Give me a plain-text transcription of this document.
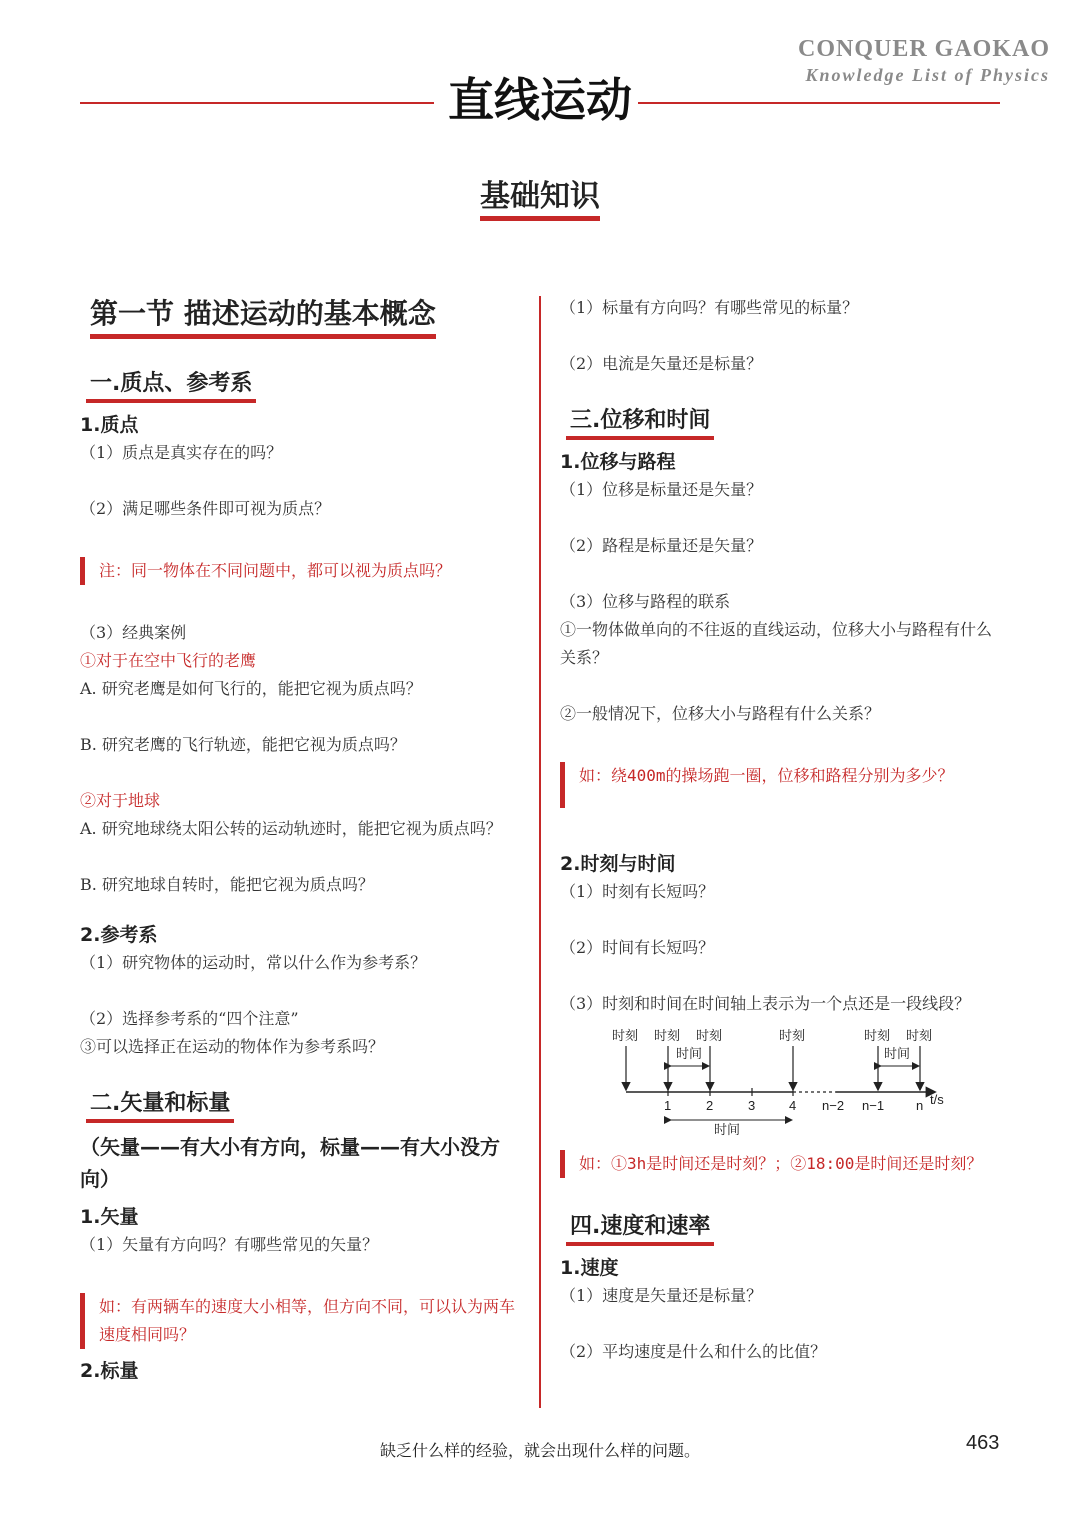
CONQUER GAOKAO
Knowledge List of Physics
直线运动
基础知识
第一节 描述运动的基本概念
一.质点、参考系
1.质点
（1）质点是真实存在的吗？
（2）满足哪些条件即可视为质点？
注：同一物体在不同问题中，都可以视为质点吗？
（3）经典案例
①对于在空中飞行的老鹰
A. 研究老鹰是如何飞行的，能把它视为质点吗？
B. 研究老鹰的飞行轨迹，能把它视为质点吗？
②对于地球
A. 研究地球绕太阳公转的运动轨迹时，能把它视为质点吗？
B. 研究地球自转时，能把它视为质点吗？
2.参考系
（1）研究物体的运动时，常以什么作为参考系？
（2）选择参考系的“四个注意”
③可以选择正在运动的物体作为参考系吗？
二.矢量和标量
（矢量——有大小有方向，标量——有大小没方向）
1.矢量
（1）矢量有方向吗？有哪些常见的矢量？
如：有两辆车的速度大小相等，但方向不同，可以认为两车速度相同吗？
2.标量
（1）标量有方向吗？有哪些常见的标量？
（2）电流是矢量还是标量？
三.位移和时间
1.位移与路程
（1）位移是标量还是矢量？
（2）路程是标量还是矢量？
（3）位移与路程的联系
①一物体做单向的不往返的直线运动，位移大小与路程有什么关系？
②一般情况下，位移大小与路程有什么关系？
如：绕400m的操场跑一圈，位移和路程分别为多少？
2.时刻与时间
（1）时刻有长短吗？
（2）时间有长短吗？
（3）时刻和时间在时间轴上表示为一个点还是一段线段？
时刻 时刻 时刻	时刻	时刻 时刻
时间	时间
1	2	3	4 n−2 n−1 n t/s
时间
如：①3h是时间还是时刻？；②18:00是时间还是时刻？
四.速度和速率
1.速度
（1）速度是矢量还是标量？
（2）平均速度是什么和什么的比值？
缺乏什么样的经验，就会出现什么样的问题。	463
